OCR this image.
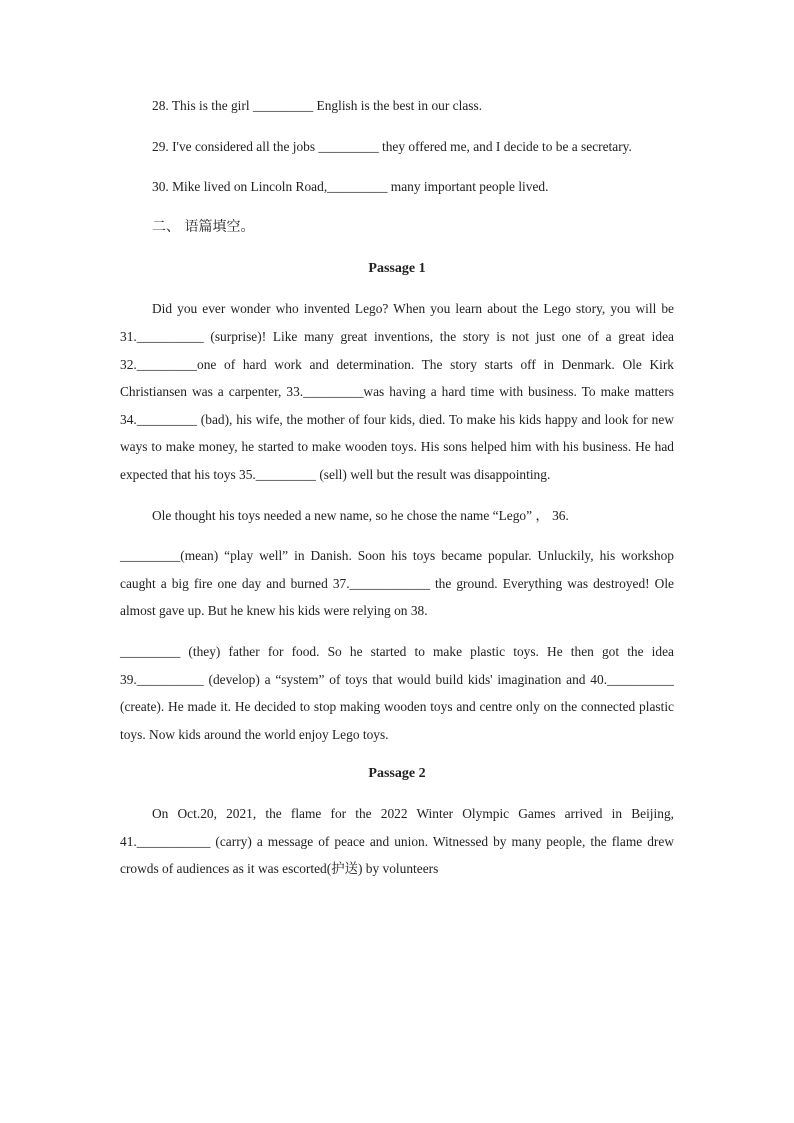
28. This is the girl _________ English is the best in our class.

29. I've considered all the jobs _________ they offered me, and I decide to be a secretary.

30. Mike lived on Lincoln Road,_________ many important people lived.

二、 语篇填空。

Passage 1

Did you ever wonder who invented Lego? When you learn about the Lego story, you will be 31.__________ (surprise)! Like many great inventions, the story is not just one of a great idea 32._________one of hard work and determination. The story starts off in Denmark. Ole Kirk Christiansen was a carpenter, 33._________was having a hard time with business. To make matters 34._________ (bad), his wife, the mother of four kids, died. To make his kids happy and look for new ways to make money, he started to make wooden toys. His sons helped him with his business. He had expected that his toys 35._________ (sell) well but the result was disappointing.

Ole thought his toys needed a new name, so he chose the name “Lego” ， 36.

_________(mean) “play well” in Danish. Soon his toys became popular. Unluckily, his workshop caught a big fire one day and burned 37.____________ the ground. Everything was destroyed! Ole almost gave up. But he knew his kids were relying on 38.

_________ (they) father for food. So he started to make plastic toys. He then got the idea 39.__________ (develop) a “system” of toys that would build kids' imagination and 40.__________ (create). He made it. He decided to stop making wooden toys and centre only on the connected plastic toys. Now kids around the world enjoy Lego toys.

Passage 2

On Oct.20, 2021, the flame for the 2022 Winter Olympic Games arrived in Beijing, 41.___________ (carry) a message of peace and union. Witnessed by many people, the flame drew crowds of audiences as it was escorted(护送) by volunteers
